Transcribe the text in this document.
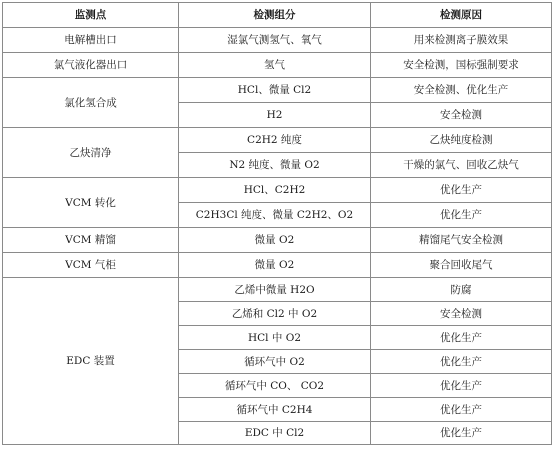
监测点	检测组分	检测原因
电解槽出口	湿氯气测氢气、氧气	用来检测离子膜效果
氯气液化器出口	氢气	安全检测，国标强制要求
氯化氢合成	HCl、微量 Cl2	安全检测、优化生产
	H2	安全检测
乙炔清净	C2H2 纯度	乙炔纯度检测
	N2 纯度、微量 O2	干燥的氯气、回收乙炔气
VCM 转化	HCl、C2H2	优化生产
	C2H3Cl 纯度、微量 C2H2、O2	优化生产
VCM 精馏	微量 O2	精馏尾气安全检测
VCM 气柜	微量 O2	聚合回收尾气
EDC 装置	乙烯中微量 H2O	防腐
	乙烯和 Cl2 中 O2	安全检测
	HCl 中 O2	优化生产
	循环气中 O2	优化生产
	循环气中 CO、 CO2	优化生产
	循环气中 C2H4	优化生产
	EDC 中 Cl2	优化生产
